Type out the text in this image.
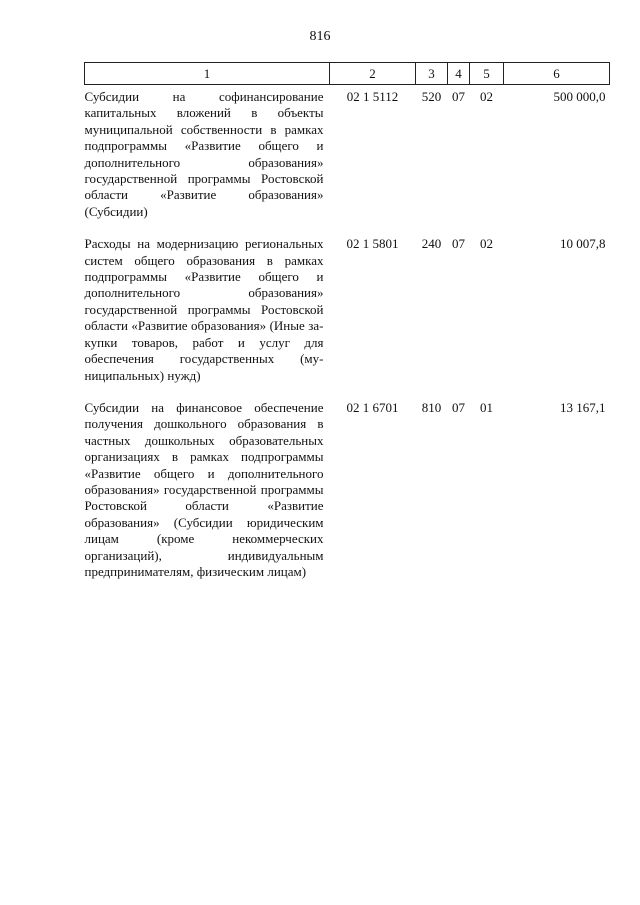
816
1	2	3	4	5	6
Субсидии на софинансирование капитальных вложений в объекты муниципальной собственности в рамках подпрограммы «Развитие общего и дополнительного образования» государственной программы Ростовской области «Развитие образования» (Субсидии)	02 1 5112	520	07	02	500 000,0
Расходы на модернизацию региональных систем общего образования в рамках подпрограммы «Развитие общего и дополнительного образования» государственной программы Ростовской области «Развитие образования» (Иные закупки товаров, работ и услуг для обеспечения государственных (муниципальных) нужд)	02 1 5801	240	07	02	10 007,8
Субсидии на финансовое обеспечение получения дошкольного образования в частных дошкольных образовательных организациях в рамках подпрограммы «Развитие общего и дополнительного образования» государственной программы Ростовской области «Развитие образования» (Субсидии юридическим лицам (кроме некоммерческих организаций), индивидуальным предпринимателям, физическим лицам)	02 1 6701	810	07	01	13 167,1
